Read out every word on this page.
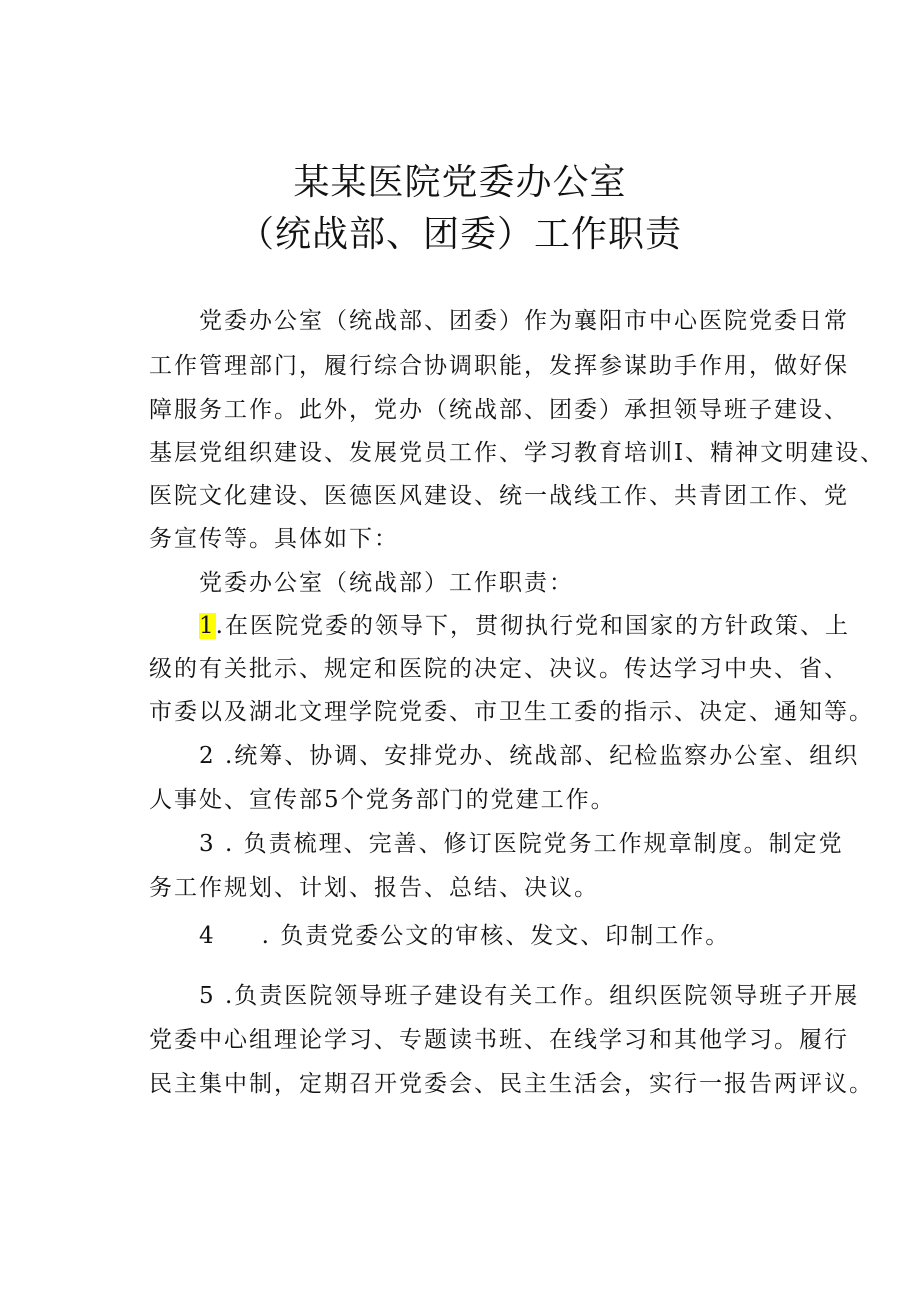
某某医院党委办公室
（统战部、团委）工作职责
党委办公室（统战部、团委）作为襄阳市中心医院党委日常
工作管理部门，履行综合协调职能，发挥参谋助手作用，做好保
障服务工作。此外，党办（统战部、团委）承担领导班子建设、
基层党组织建设、发展党员工作、学习教育培训I、精神文明建设、
医院文化建设、医德医风建设、统一战线工作、共青团工作、党
务宣传等。具体如下：
党委办公室（统战部）工作职责：
1.在医院党委的领导下，贯彻执行党和国家的方针政策、上
级的有关批示、规定和医院的决定、决议。传达学习中央、省、
市委以及湖北文理学院党委、市卫生工委的指示、决定、通知等。
2 .统筹、协调、安排党办、统战部、纪检监察办公室、组织
人事处、宣传部5个党务部门的党建工作。
3 . 负责梳理、完善、修订医院党务工作规章制度。制定党
务工作规划、计划、报告、总结、决议。
4 . 负责党委公文的审核、发文、印制工作。
5 .负责医院领导班子建设有关工作。组织医院领导班子开展
党委中心组理论学习、专题读书班、在线学习和其他学习。履行
民主集中制，定期召开党委会、民主生活会，实行一报告两评议。
